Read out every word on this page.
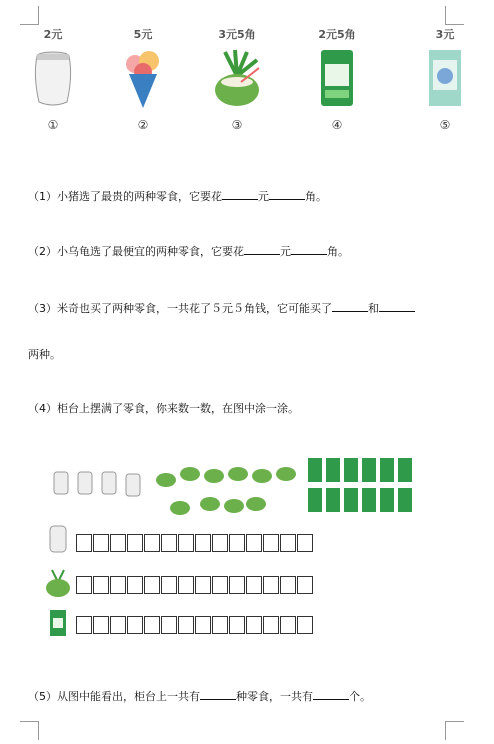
2元
①
5元
②
3元5角
③
2元5角
④
3元
⑤
（1）小猪选了最贵的两种零食，它要花	元	角。
（2）小乌龟选了最便宜的两种零食，它要花	元	角。
（3）米奇也买了两种零食，一共花了５元５角钱，它可能买了	和
两种。
（4）柜台上摆满了零食，你来数一数，在图中涂一涂。
（5）从图中能看出，柜台上一共有	种零食，一共有	个。
